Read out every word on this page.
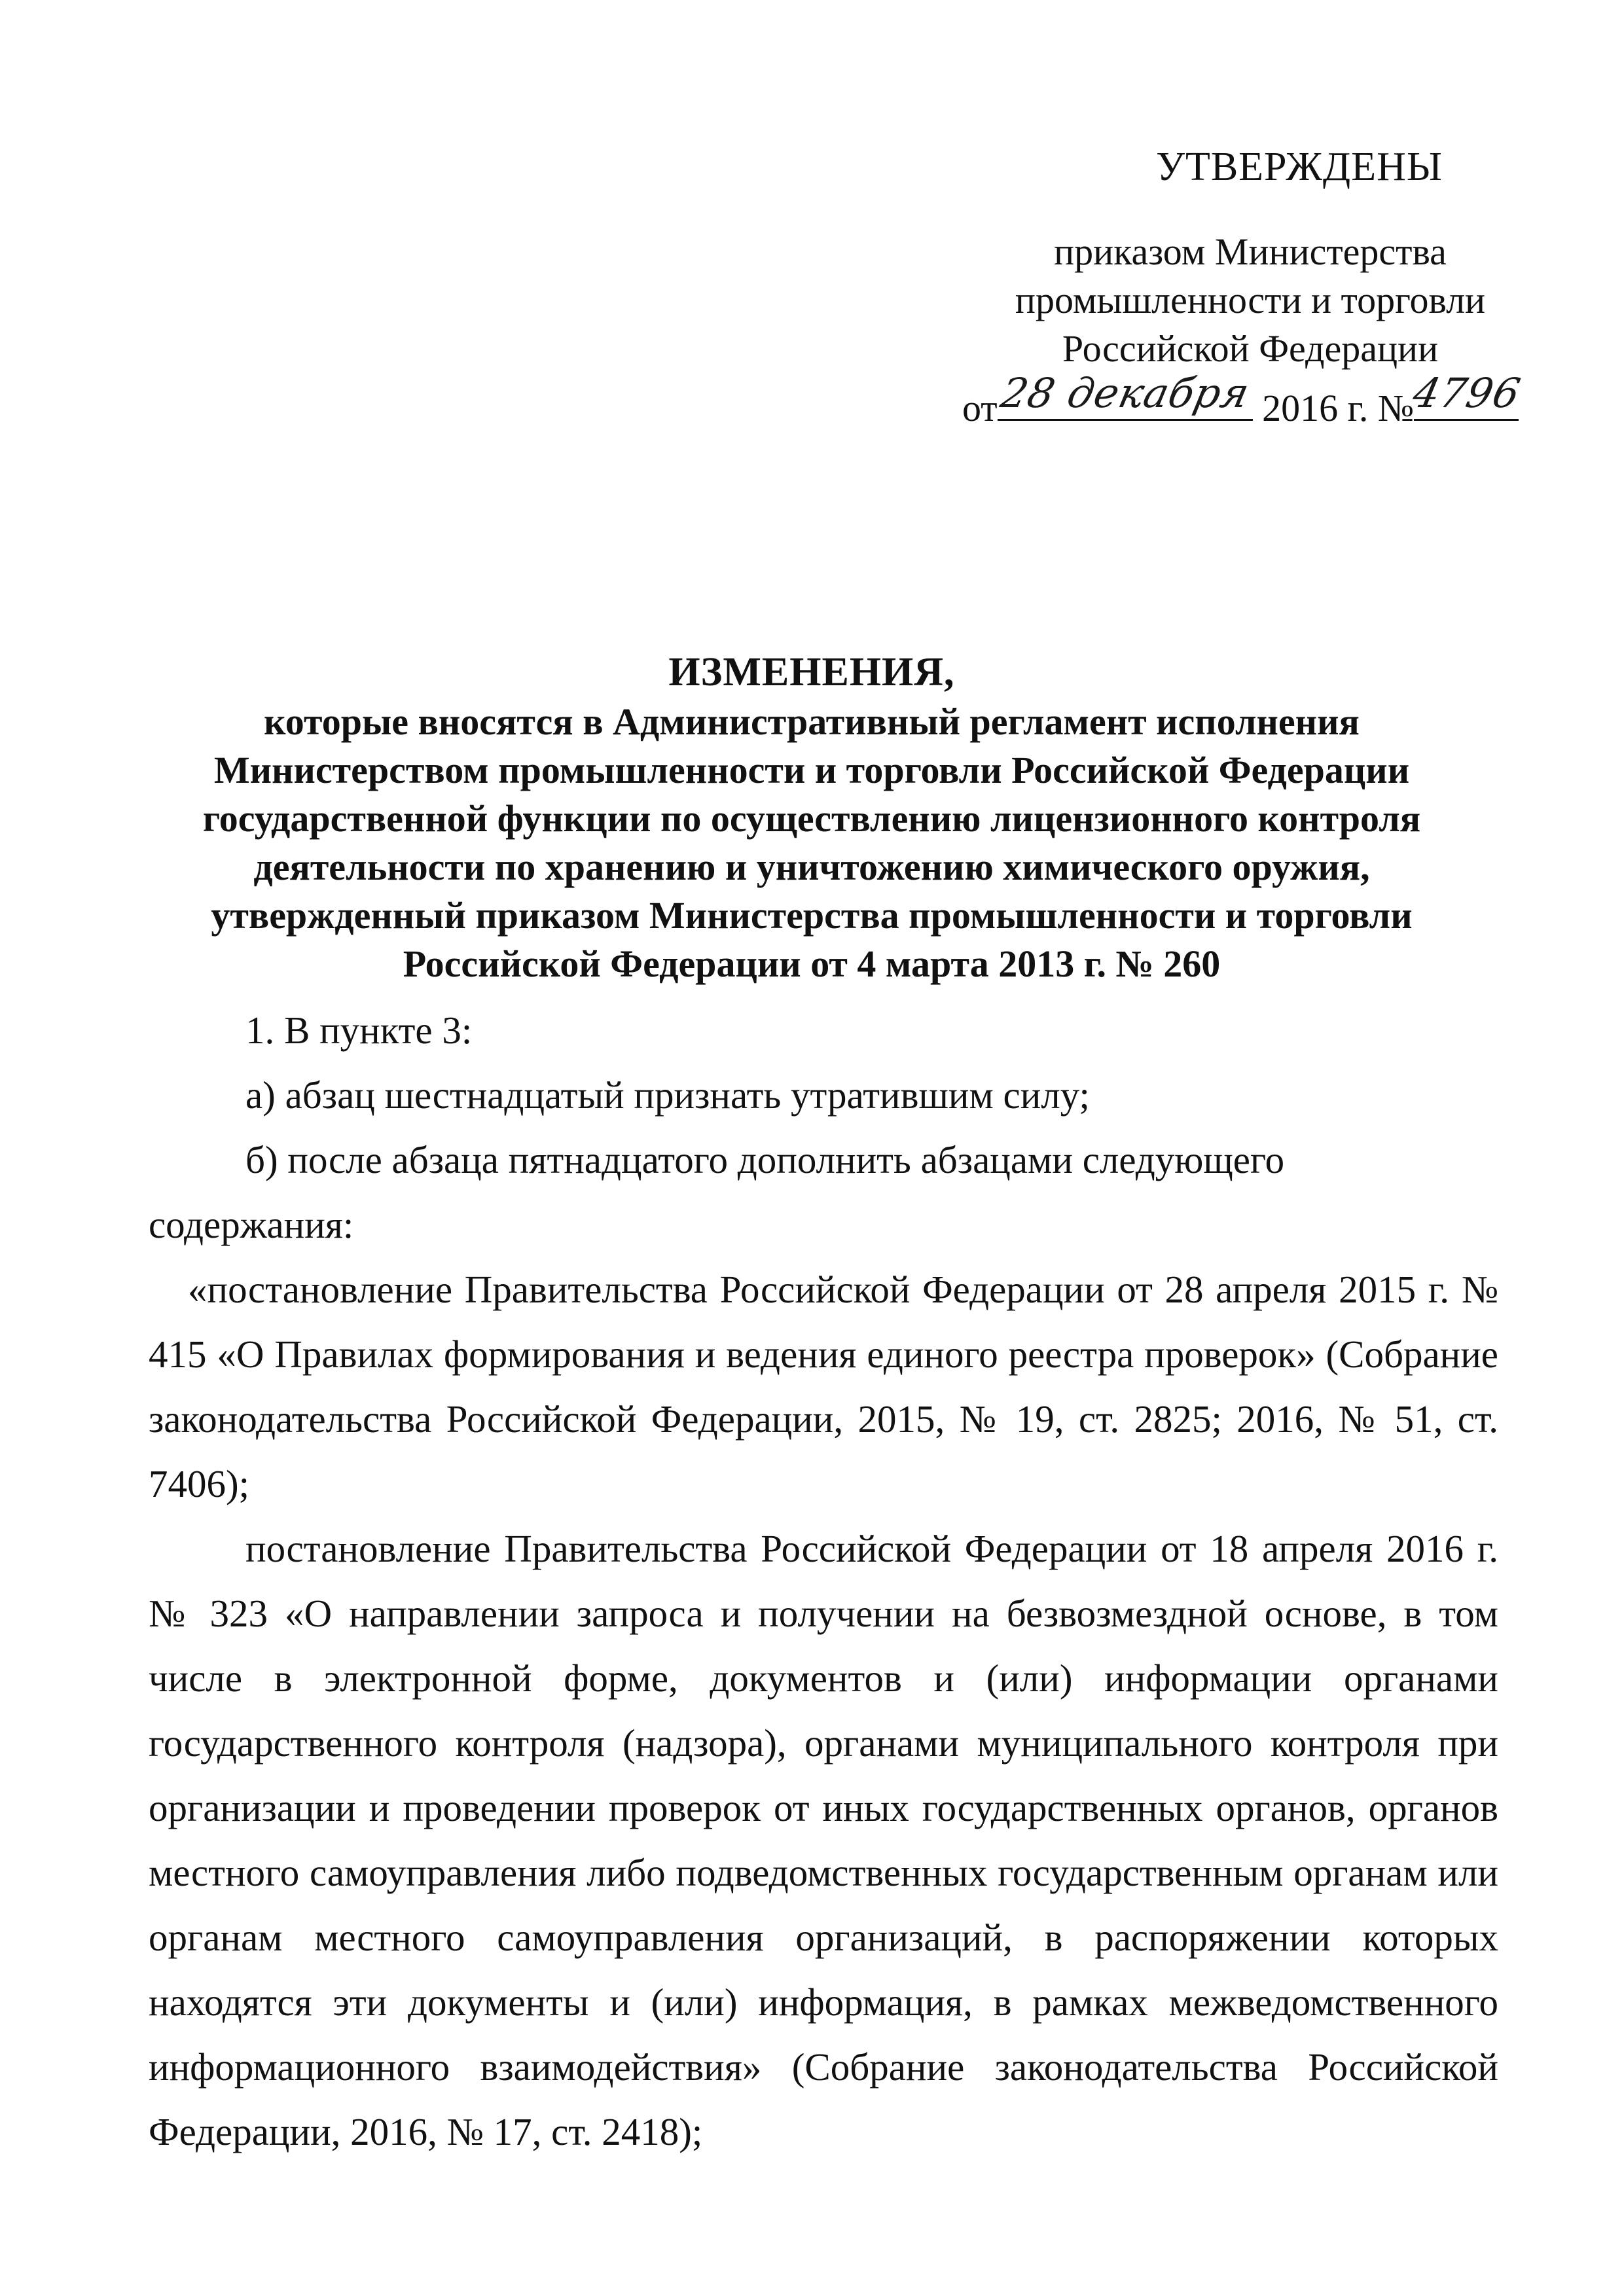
УТВЕРЖДЕНЫ
приказом Министерства
промышленности и торговли
Российской Федерации
от
28 декабря 2016 г. №
4796
ИЗМЕНЕНИЯ,
которые вносятся в Административный регламент исполнения
Министерством промышленности и торговли Российской Федерации
государственной функции по осуществлению лицензионного контроля
деятельности по хранению и уничтожению химического оружия,
утвержденный приказом Министерства промышленности и торговли
Российской Федерации от 4 марта 2013 г. № 260

1. В пункте 3:

а) абзац шестнадцатый признать утратившим силу;

б) после абзаца пятнадцатого дополнить абзацами следующего содержания:

«постановление Правительства Российской Федерации от 28 апреля 2015 г. № 415 «О Правилах формирования и ведения единого реестра проверок» (Собрание законодательства Российской Федерации, 2015, № 19, ст. 2825; 2016, № 51, ст. 7406);

постановление Правительства Российской Федерации от 18 апреля 2016 г. № 323 «О направлении запроса и получении на безвозмездной основе, в том числе в электронной форме, документов и (или) информации органами государственного контроля (надзора), органами муниципального контроля при организации и проведении проверок от иных государственных органов, органов местного самоуправления либо подведомственных государственным органам или органам местного самоуправления организаций, в распоряжении которых находятся эти документы и (или) информация, в рамках межведомственного информационного взаимодействия» (Собрание законодательства Российской Федерации, 2016, № 17, ст. 2418);
